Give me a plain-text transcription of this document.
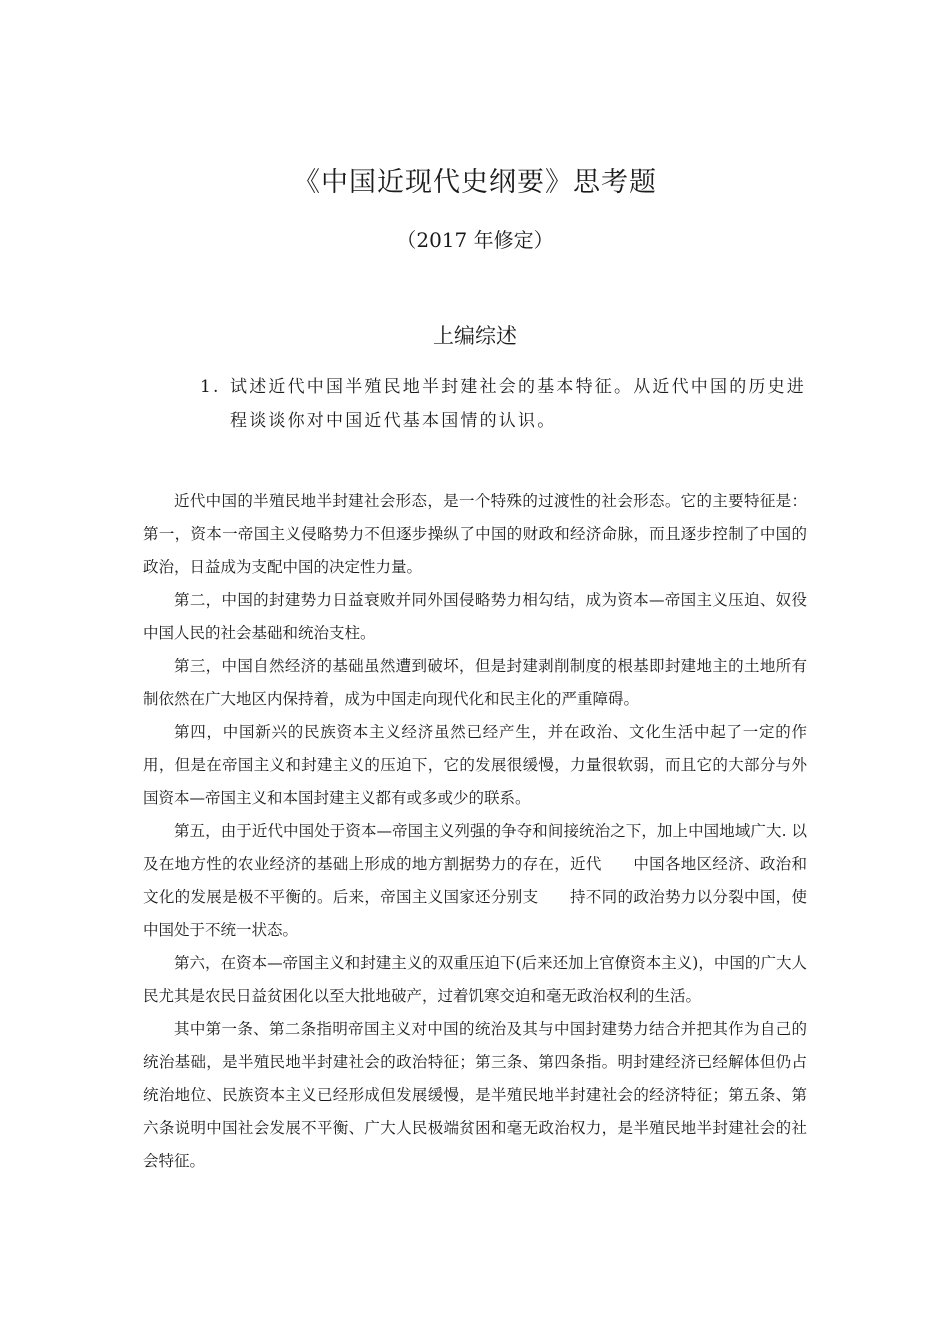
《中国近现代史纲要》思考题
（2017 年修定）
上编综述
1. 试述近代中国半殖民地半封建社会的基本特征。从近代中国的历史进程谈谈你对中国近代基本国情的认识。

近代中国的半殖民地半封建社会形态，是一个特殊的过渡性的社会形态。它的主要特征是：第一，资本一帝国主义侵略势力不但逐步操纵了中国的财政和经济命脉，而且逐步控制了中国的政治，日益成为支配中国的决定性力量。

第二，中国的封建势力日益衰败并同外国侵略势力相勾结，成为资本—帝国主义压迫、奴役中国人民的社会基础和统治支柱。

第三，中国自然经济的基础虽然遭到破坏，但是封建剥削制度的根基即封建地主的土地所有制依然在广大地区内保持着，成为中国走向现代化和民主化的严重障碍。

第四，中国新兴的民族资本主义经济虽然已经产生，并在政治、文化生活中起了一定的作用，但是在帝国主义和封建主义的压迫下，它的发展很缓慢，力量很软弱，而且它的大部分与外国资本—帝国主义和本国封建主义都有或多或少的联系。

第五，由于近代中国处于资本—帝国主义列强的争夺和间接统治之下，加上中国地域广大. 以及在地方性的农业经济的基础上形成的地方割据势力的存在，近代　　中国各地区经济、政治和文化的发展是极不平衡的。后来，帝国主义国家还分别支　　持不同的政治势力以分裂中国，使中国处于不统一状态。

第六，在资本—帝国主义和封建主义的双重压迫下(后来还加上官僚资本主义)，中国的广大人民尤其是农民日益贫困化以至大批地破产，过着饥寒交迫和毫无政治权利的生活。

其中第一条、第二条指明帝国主义对中国的统治及其与中国封建势力结合并把其作为自己的统治基础，是半殖民地半封建社会的政治特征；第三条、第四条指。明封建经济已经解体但仍占统治地位、民族资本主义已经形成但发展缓慢，是半殖民地半封建社会的经济特征；第五条、第六条说明中国社会发展不平衡、广大人民极端贫困和毫无政治权力，是半殖民地半封建社会的社会特征。
